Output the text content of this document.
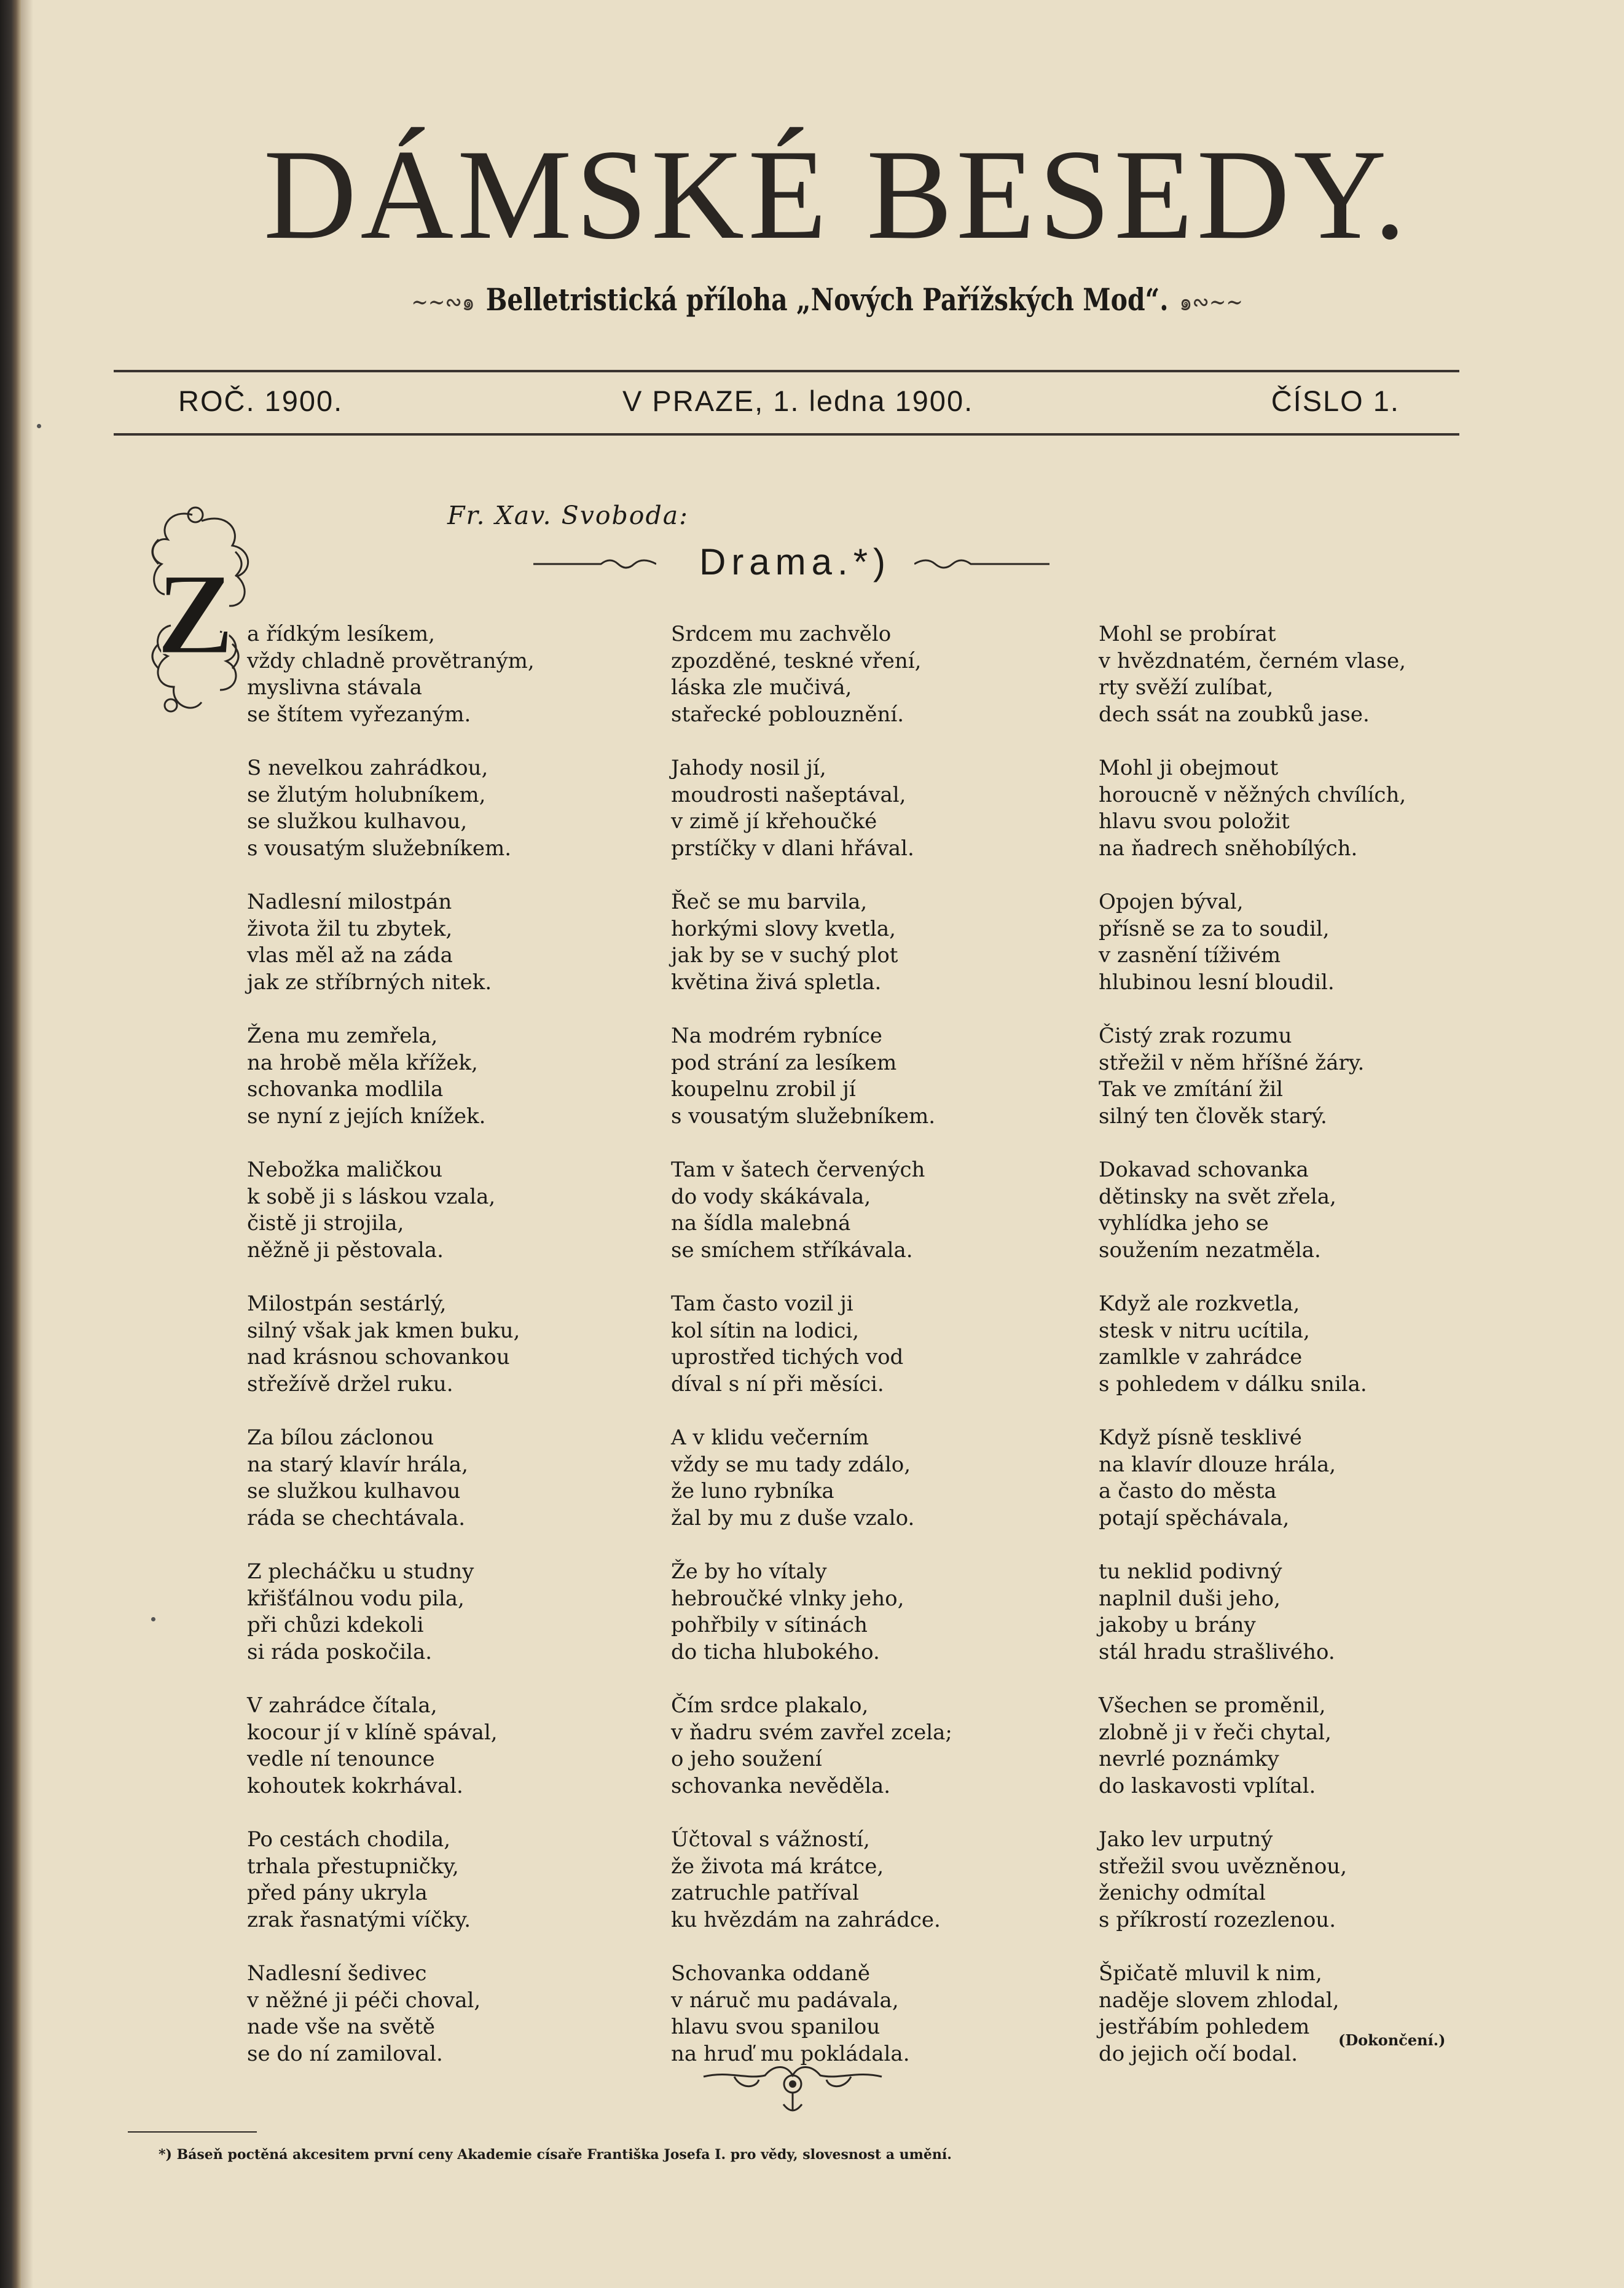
DÁMSKÉ BESEDY.
~~∾๑ Belletristická příloha „Nových Pařížských Mod“. ๑∾~~
ROČ. 1900.	V PRAZE, 1. ledna 1900.	ČÍSLO 1.
Fr. Xav. Svoboda:
Drama.*)
Z a řídkým lesíkem,
vždy chladně provětraným,
myslivna stávala
se štítem vyřezaným.
S nevelkou zahrádkou,
se žlutým holubníkem,
se služkou kulhavou,
s vousatým služebníkem.
Nadlesní milostpán
života žil tu zbytek,
vlas měl až na záda
jak ze stříbrných nitek.
Žena mu zemřela,
na hrobě měla křížek,
schovanka modlila
se nyní z jejích knížek.
Nebožka maličkou
k sobě ji s láskou vzala,
čistě ji strojila,
něžně ji pěstovala.
Milostpán sestárlý,
silný však jak kmen buku,
nad krásnou schovankou
střežívě držel ruku.
Za bílou záclonou
na starý klavír hrála,
se služkou kulhavou
ráda se chechtávala.
Z plecháčku u studny
křišťálnou vodu pila,
při chůzi kdekoli
si ráda poskočila.
V zahrádce čítala,
kocour jí v klíně spával,
vedle ní tenounce
kohoutek kokrhával.
Po cestách chodila,
trhala přestupničky,
před pány ukryla
zrak řasnatými víčky.
Nadlesní šedivec
v něžné ji péči choval,
nade vše na světě
se do ní zamiloval.
Srdcem mu zachvělo
zpozděné, teskné vření,
láska zle mučivá,
stařecké poblouznění.
Jahody nosil jí,
moudrosti našeptával,
v zimě jí křehoučké
prstíčky v dlani hřával.
Řeč se mu barvila,
horkými slovy kvetla,
jak by se v suchý plot
květina živá spletla.
Na modrém rybníce
pod strání za lesíkem
koupelnu zrobil jí
s vousatým služebníkem.
Tam v šatech červených
do vody skákávala,
na šídla malebná
se smíchem stříkávala.
Tam často vozil ji
kol sítin na lodici,
uprostřed tichých vod
díval s ní při měsíci.
A v klidu večerním
vždy se mu tady zdálo,
že luno rybníka
žal by mu z duše vzalo.
Že by ho vítaly
hebroučké vlnky jeho,
pohřbily v sítinách
do ticha hlubokého.
Čím srdce plakalo,
v ňadru svém zavřel zcela;
o jeho soužení
schovanka nevěděla.
Účtoval s vážností,
že života má krátce,
zatruchle patříval
ku hvězdám na zahrádce.
Schovanka oddaně
v náruč mu padávala,
hlavu svou spanilou
na hruď mu pokládala.
Mohl se probírat
v hvězdnatém, černém vlase,
rty svěží zulíbat,
dech ssát na zoubků jase.
Mohl ji obejmout
horoucně v něžných chvílích,
hlavu svou položit
na ňadrech sněhobílých.
Opojen býval,
přísně se za to soudil,
v zasnění tíživém
hlubinou lesní bloudil.
Čistý zrak rozumu
střežil v něm hříšné žáry.
Tak ve zmítání žil
silný ten člověk starý.
Dokavad schovanka
dětinsky na svět zřela,
vyhlídka jeho se
soužením nezatměla.
Když ale rozkvetla,
stesk v nitru ucítila,
zamlkle v zahrádce
s pohledem v dálku snila.
Když písně tesklivé
na klavír dlouze hrála,
a často do města
potají spěchávala,
tu neklid podivný
naplnil duši jeho,
jakoby u brány
stál hradu strašlivého.
Všechen se proměnil,
zlobně ji v řeči chytal,
nevrlé poznámky
do laskavosti vplítal.
Jako lev urputný
střežil svou uvězněnou,
ženichy odmítal
s příkrostí rozezlenou.
Špičatě mluvil k nim,
naděje slovem zhlodal,
jestřábím pohledem
do jejich očí bodal.
(Dokončení.)
*) Báseň poctěná akcesitem první ceny Akademie císaře Františka Josefa I. pro vědy, slovesnost a umění.
